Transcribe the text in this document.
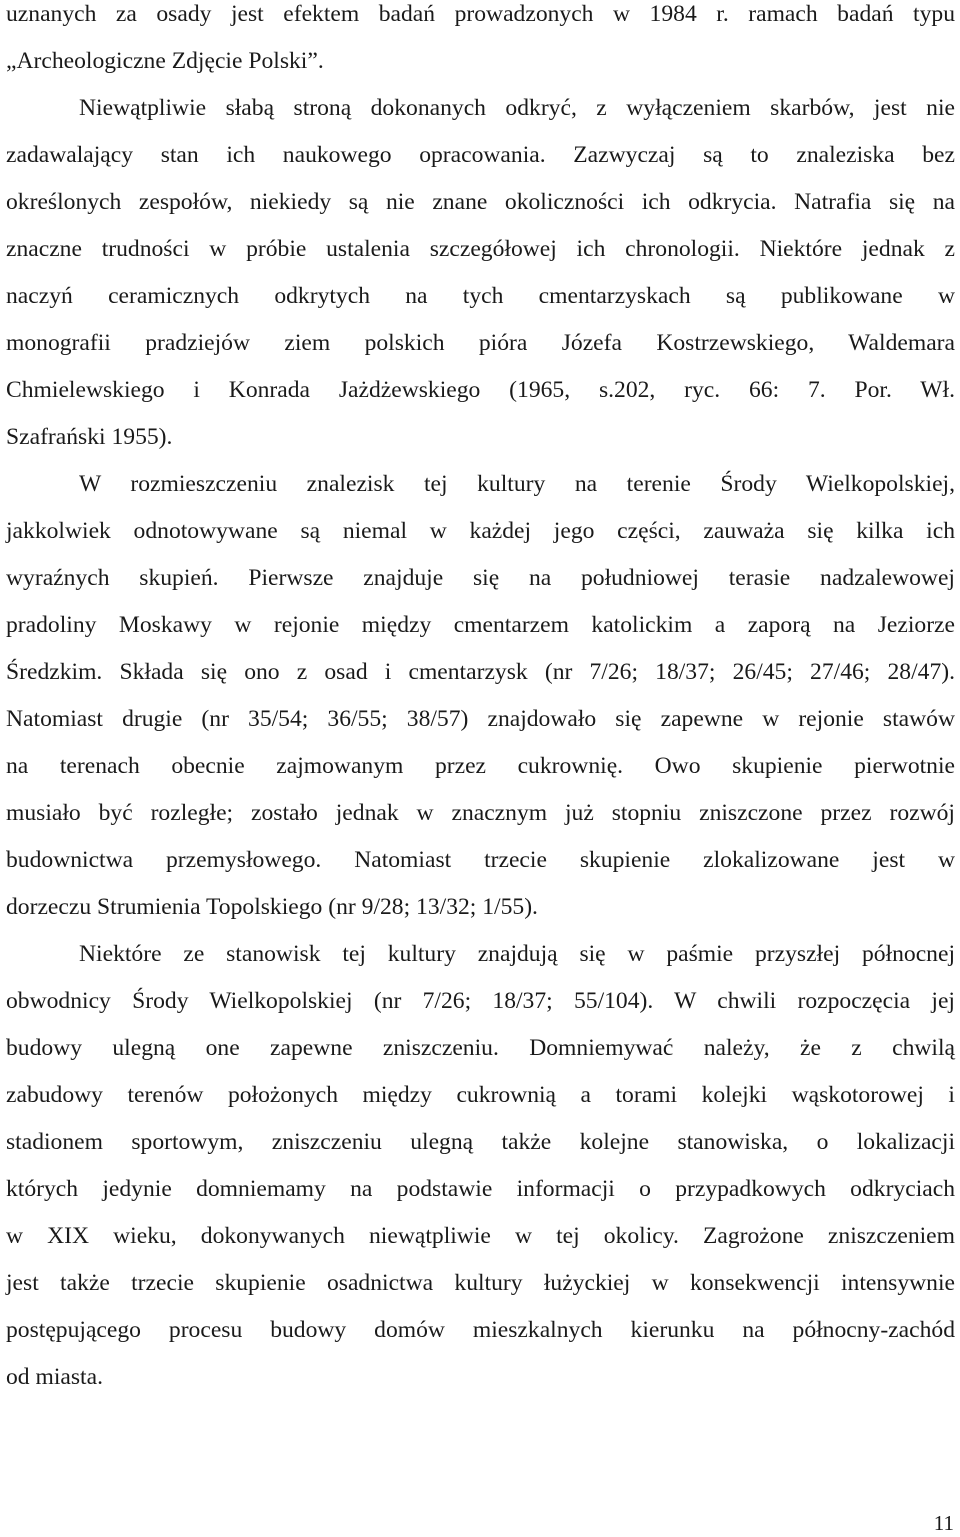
uznanych za osady jest efektem badań prowadzonych w 1984 r. ramach badań typu
„Archeologiczne Zdjęcie Polski”.
Niewątpliwie słabą stroną dokonanych odkryć, z wyłączeniem skarbów, jest nie
zadawalający stan ich naukowego opracowania. Zazwyczaj są to znaleziska bez
określonych zespołów, niekiedy są nie znane okoliczności ich odkrycia. Natrafia się na
znaczne trudności w próbie ustalenia szczegółowej ich chronologii. Niektóre jednak z
naczyń ceramicznych odkrytych na tych cmentarzyskach są publikowane w
monografii pradziejów ziem polskich pióra Józefa Kostrzewskiego, Waldemara
Chmielewskiego i Konrada Jażdżewskiego (1965, s.202, ryc. 66: 7. Por. Wł.
Szafrański 1955).
W rozmieszczeniu znalezisk tej kultury na terenie Środy Wielkopolskiej,
jakkolwiek odnotowywane są niemal w każdej jego części, zauważa się kilka ich
wyraźnych skupień. Pierwsze znajduje się na południowej terasie nadzalewowej
pradoliny Moskawy w rejonie między cmentarzem katolickim a zaporą na Jeziorze
Średzkim. Składa się ono z osad i cmentarzysk (nr 7/26; 18/37; 26/45; 27/46; 28/47).
Natomiast drugie (nr 35/54; 36/55; 38/57) znajdowało się zapewne w rejonie stawów
na terenach obecnie zajmowanym przez cukrownię. Owo skupienie pierwotnie
musiało być rozległe; zostało jednak w znacznym już stopniu zniszczone przez rozwój
budownictwa przemysłowego. Natomiast trzecie skupienie zlokalizowane jest w
dorzeczu Strumienia Topolskiego (nr 9/28; 13/32; 1/55).
Niektóre ze stanowisk tej kultury znajdują się w paśmie przyszłej północnej
obwodnicy Środy Wielkopolskiej (nr 7/26; 18/37; 55/104). W chwili rozpoczęcia jej
budowy ulegną one zapewne zniszczeniu. Domniemywać należy, że z chwilą
zabudowy terenów położonych między cukrownią a torami kolejki wąskotorowej i
stadionem sportowym, zniszczeniu ulegną także kolejne stanowiska, o lokalizacji
których jedynie domniemamy na podstawie informacji o przypadkowych odkryciach
w XIX wieku, dokonywanych niewątpliwie w tej okolicy. Zagrożone zniszczeniem
jest także trzecie skupienie osadnictwa kultury łużyckiej w konsekwencji intensywnie
postępującego procesu budowy domów mieszkalnych kierunku na północny-zachód
od miasta.
11
